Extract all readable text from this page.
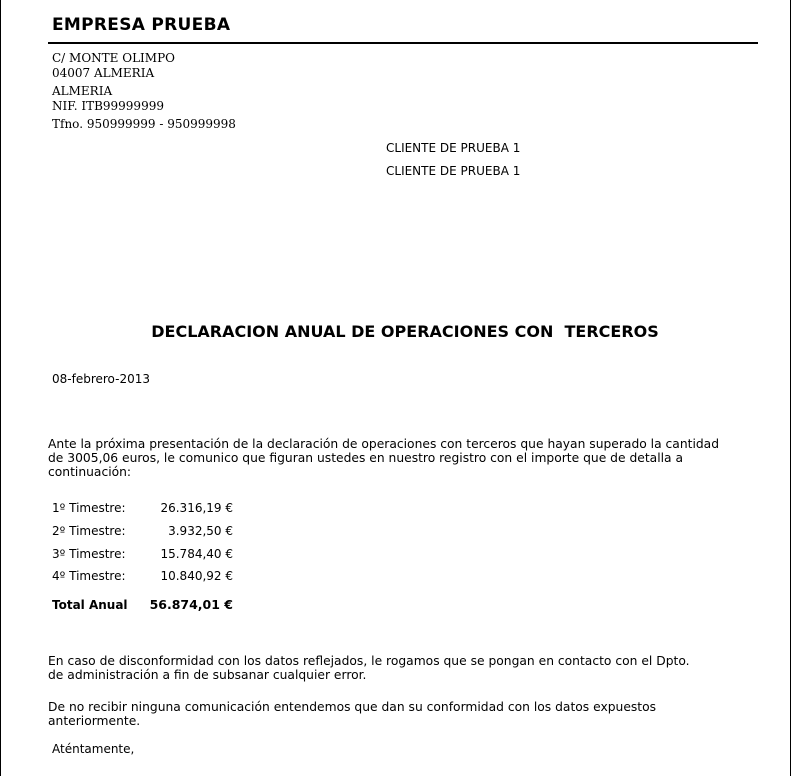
EMPRESA PRUEBA
C/ MONTE OLIMPO
04007 ALMERIA
ALMERIA
NIF. ITB99999999
Tfno. 950999999 - 950999998
CLIENTE DE PRUEBA 1
CLIENTE DE PRUEBA 1
DECLARACION ANUAL DE OPERACIONES CON  TERCEROS
08-febrero-2013
Ante la próxima presentación de la declaración de operaciones con terceros que hayan superado la cantidad
de 3005,06 euros, le comunico que figuran ustedes en nuestro registro con el importe que de detalla a
continuación:
1º Timestre:	26.316,19 €
2º Timestre:	3.932,50 €
3º Timestre:	15.784,40 €
4º Timestre:	10.840,92 €
Total Anual	56.874,01 €
En caso de disconformidad con los datos reflejados, le rogamos que se pongan en contacto con el Dpto.
de administración a fin de subsanar cualquier error.
De no recibir ninguna comunicación entendemos que dan su conformidad con los datos expuestos
anteriormente.
Aténtamente,
